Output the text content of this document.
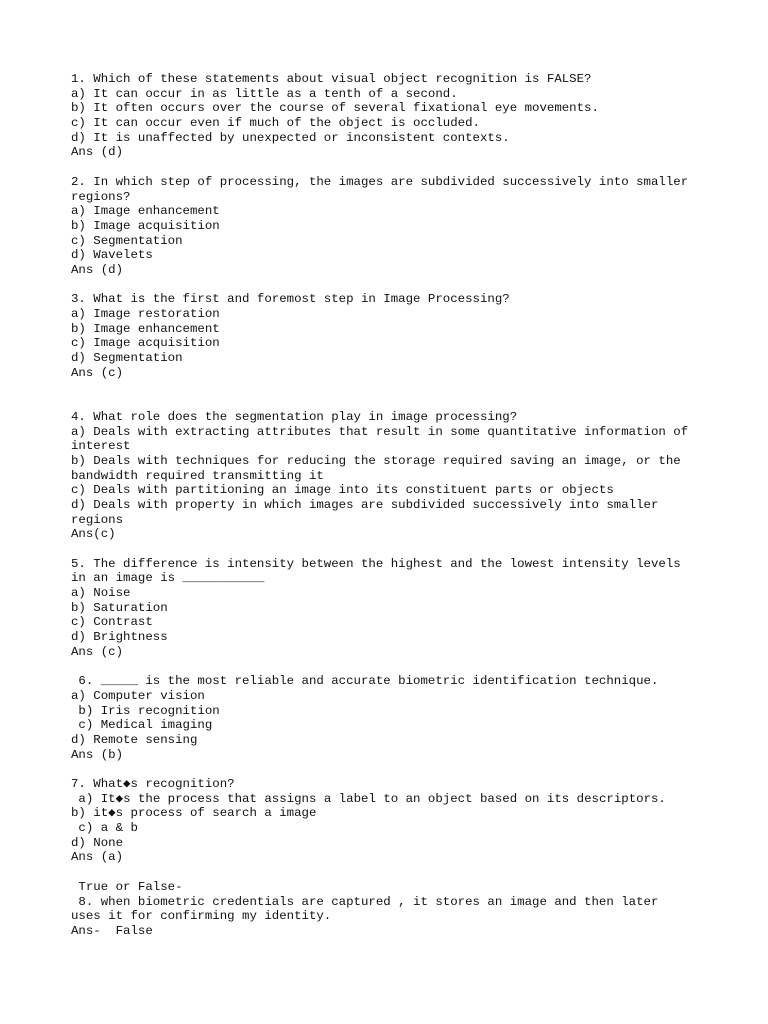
1. Which of these statements about visual object recognition is FALSE?
a) It can occur in as little as a tenth of a second.
b) It often occurs over the course of several fixational eye movements.
c) It can occur even if much of the object is occluded.
d) It is unaffected by unexpected or inconsistent contexts.
Ans (d)
2. In which step of processing, the images are subdivided successively into smaller
regions?
a) Image enhancement
b) Image acquisition
c) Segmentation
d) Wavelets
Ans (d)
3. What is the first and foremost step in Image Processing?
a) Image restoration
b) Image enhancement
c) Image acquisition
d) Segmentation
Ans (c)
4. What role does the segmentation play in image processing?
a) Deals with extracting attributes that result in some quantitative information of
interest
b) Deals with techniques for reducing the storage required saving an image, or the
bandwidth required transmitting it
c) Deals with partitioning an image into its constituent parts or objects
d) Deals with property in which images are subdivided successively into smaller
regions
Ans(c)
5. The difference is intensity between the highest and the lowest intensity levels
in an image is ___________
a) Noise
b) Saturation
c) Contrast
d) Brightness
Ans (c)
6. _____ is the most reliable and accurate biometric identification technique.
a) Computer vision
b) Iris recognition
c) Medical imaging
d) Remote sensing
Ans (b)
7. What◆s recognition?
a) It◆s the process that assigns a label to an object based on its descriptors.
b) it◆s process of search a image
c) a & b
d) None
Ans (a)
True or False-
8. when biometric credentials are captured , it stores an image and then later
uses it for confirming my identity.
Ans-  False
